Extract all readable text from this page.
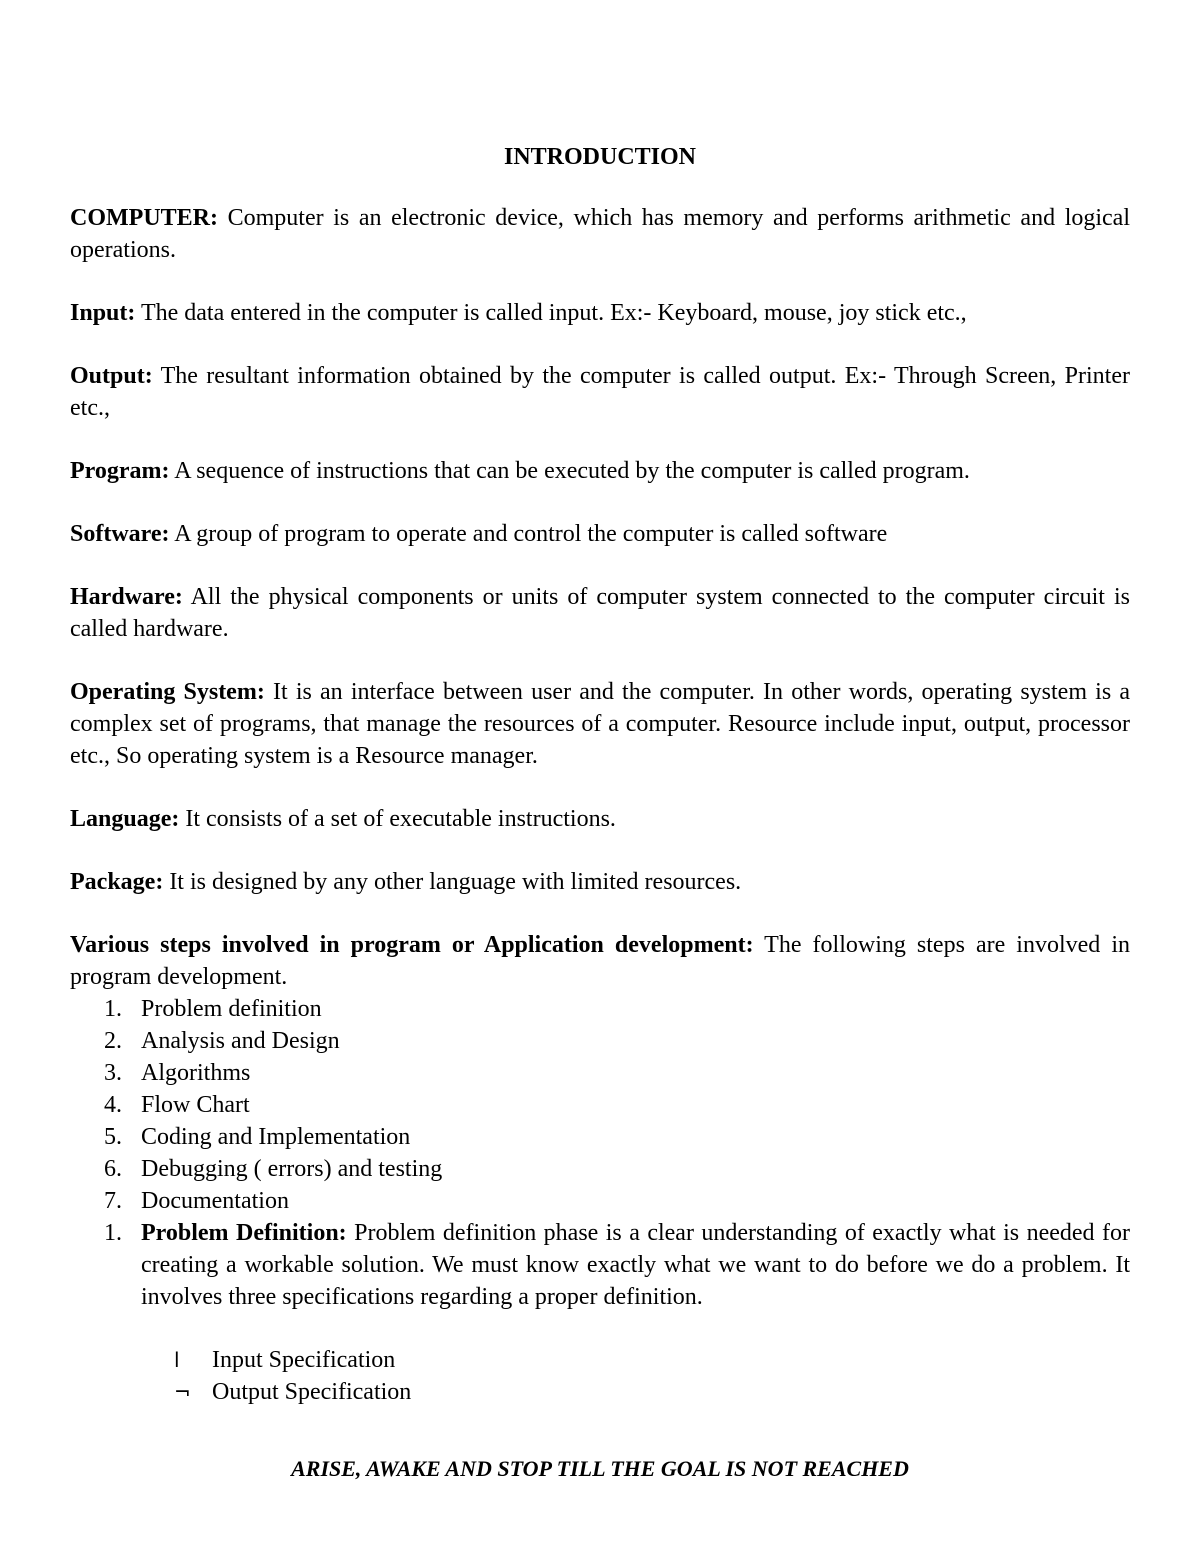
INTRODUCTION

COMPUTER: Computer is an electronic device, which has memory and performs arithmetic and logical operations.

Input: The data entered in the computer is called input. Ex:- Keyboard, mouse, joy stick etc.,

Output: The resultant information obtained by the computer is called output. Ex:- Through Screen, Printer etc.,

Program: A sequence of instructions that can be executed by the computer is called program.

Software: A group of program to operate and control the computer is called software

Hardware: All the physical components or units of computer system connected to the computer circuit is called hardware.

Operating System: It is an interface between user and the computer. In other words, operating system is a complex set of programs, that manage the resources of a computer. Resource include input, output, processor etc., So operating system is a Resource manager.

Language: It consists of a set of executable instructions.

Package: It is designed by any other language with limited resources.

Various steps involved in program or Application development: The following steps are involved in program development.

1. Problem definition
2. Analysis and Design
3. Algorithms
4. Flow Chart
5. Coding and Implementation
6. Debugging ( errors) and testing
7. Documentation
1. Problem Definition: Problem definition phase is a clear understanding of exactly what is needed for creating a workable solution. We must know exactly what we want to do before we do a problem. It involves three specifications regarding a proper definition.
l	Input Specification
¬ Output Specification
ARISE, AWAKE AND STOP TILL THE GOAL IS NOT REACHED
